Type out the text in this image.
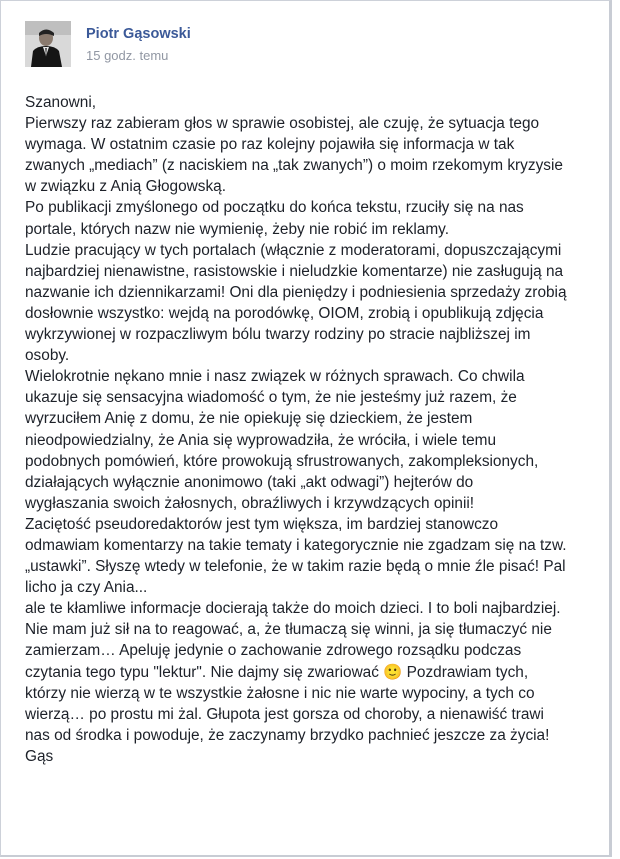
Piotr Gąsowski
15 godz. temu

Szanowni,

Pierwszy raz zabieram głos w sprawie osobistej, ale czuję, że sytuacja tego
wymaga. W ostatnim czasie po raz kolejny pojawiła się informacja w tak
zwanych „mediach” (z naciskiem na „tak zwanych”) o moim rzekomym kryzysie
w związku z Anią Głogowską.

Po publikacji zmyślonego od początku do końca tekstu, rzuciły się na nas
portale, których nazw nie wymienię, żeby nie robić im reklamy.

Ludzie pracujący w tych portalach (włącznie z moderatorami, dopuszczającymi
najbardziej nienawistne, rasistowskie i nieludzkie komentarze) nie zasługują na
nazwanie ich dziennikarzami! Oni dla pieniędzy i podniesienia sprzedaży zrobią
dosłownie wszystko: wejdą na porodówkę, OIOM, zrobią i opublikują zdjęcia
wykrzywionej w rozpaczliwym bólu twarzy rodziny po stracie najbliższej im
osoby.

Wielokrotnie nękano mnie i nasz związek w różnych sprawach. Co chwila
ukazuje się sensacyjna wiadomość o tym, że nie jesteśmy już razem, że
wyrzuciłem Anię z domu, że nie opiekuję się dzieckiem, że jestem
nieodpowiedzialny, że Ania się wyprowadziła, że wróciła, i wiele temu
podobnych pomówień, które prowokują sfrustrowanych, zakompleksionych,
działających wyłącznie anonimowo (taki „akt odwagi”) hejterów do
wygłaszania swoich żałosnych, obraźliwych i krzywdzących opinii!

Zaciętość pseudoredaktorów jest tym większa, im bardziej stanowczo
odmawiam komentarzy na takie tematy i kategorycznie nie zgadzam się na tzw.
„ustawki”. Słyszę wtedy w telefonie, że w takim razie będą o mnie źle pisać! Pal
licho ja czy Ania...

ale te kłamliwe informacje docierają także do moich dzieci. I to boli najbardziej.
Nie mam już sił na to reagować, a, że tłumaczą się winni, ja się tłumaczyć nie
zamierzam… Apeluję jedynie o zachowanie zdrowego rozsądku podczas
czytania tego typu "lektur". Nie dajmy się zwariować 🙂 Pozdrawiam tych,
którzy nie wierzą w te wszystkie żałosne i nic nie warte wypociny, a tych co
wierzą… po prostu mi żal. Głupota jest gorsza od choroby, a nienawiść trawi
nas od środka i powoduje, że zaczynamy brzydko pachnieć jeszcze za życia!

Gąs
